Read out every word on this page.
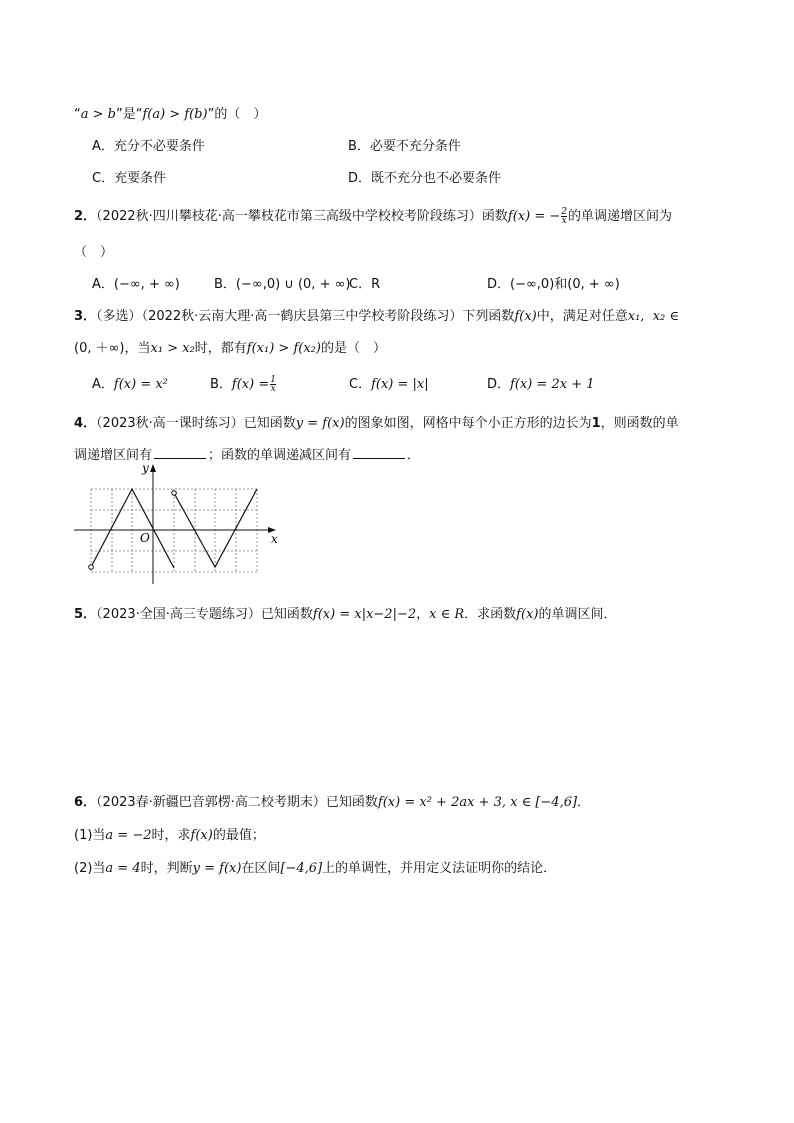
“a > b”是“f(a) > f(b)”的（　）
A．充分不必要条件	B．必要不充分条件
C．充要条件	D．既不充分也不必要条件
2．（2022秋·四川攀枝花·高一攀枝花市第三高级中学校校考阶段练习）函数f(x) = − $\frac{2}{x}$ 的单调递增区间为
（　）
A．(−∞, + ∞)	B．(−∞,0) ∪ (0, + ∞)
C．R	D．(−∞,0)和(0, + ∞)
3．（多选）（2022秋·云南大理·高一鹤庆县第三中学校考阶段练习）下列函数f(x)中，满足对任意x₁, x₂ ∈
(0, ＋∞)，当x₁ > x₂时，都有f(x₁) > f(x₂)的是（　）
A．f(x) = x²	B．$f(x) = \frac{1}{x}$	C．f(x) = |x|	D．f(x) = 2x + 1
4．（2023秋·高一课时练习）已知函数y = f(x)的图象如图，网格中每个小正方形的边长为1，则函数的单
调递增区间有	；函数的单调递减区间有	．
y
x
O
5．（2023·全国·高三专题练习）已知函数f(x) = x|x−2|−2，x ∈ R．求函数f(x)的单调区间．
6．（2023春·新疆巴音郭楞·高二校考期末）已知函数f(x) = x² + 2ax + 3, x ∈ [−4,6]．
(1)当a = −2时，求f(x)的最值；
(2)当a = 4时，判断y = f(x)在区间[−4,6]上的单调性，并用定义法证明你的结论．
